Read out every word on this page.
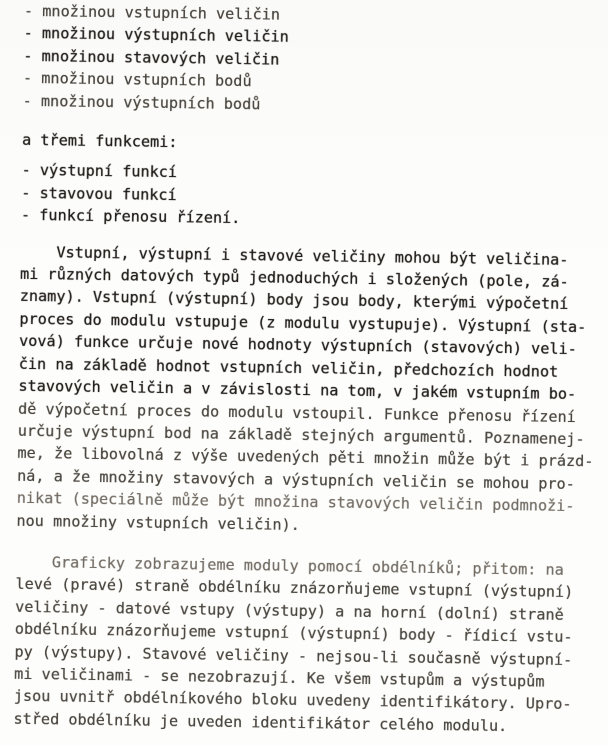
- množinou vstupních veličin
- množinou výstupních veličin
- množinou stavových veličin
- množinou vstupních bodů
- množinou výstupních bodů
a třemi funkcemi:
- výstupní funkcí
- stavovou funkcí
- funkcí přenosu řízení.
Vstupní, výstupní i stavové veličiny mohou být veličina-
mi různých datových typů jednoduchých i složených (pole, zá-
znamy). Vstupní (výstupní) body jsou body, kterými výpočetní
proces do modulu vstupuje (z modulu vystupuje). Výstupní (sta-
vová) funkce určuje nové hodnoty výstupních (stavových) veli-
čin na základě hodnot vstupních veličin, předchozích hodnot
stavových veličin a v závislosti na tom, v jakém vstupním bo-
dě výpočetní proces do modulu vstoupil. Funkce přenosu řízení
určuje výstupní bod na základě stejných argumentů. Poznamenej-
me, že libovolná z výše uvedených pěti množin může být i prázd-
ná, a že množiny stavových a výstupních veličin se mohou pro-
nikat (speciálně může být množina stavových veličin podmnoži-
nou množiny vstupních veličin).
Graficky zobrazujeme moduly pomocí obdélníků; přitom: na
levé (pravé) straně obdélníku znázorňujeme vstupní (výstupní)
veličiny - datové vstupy (výstupy) a na horní (dolní) straně
obdélníku znázorňujeme vstupní (výstupní) body - řídicí vstu-
py (výstupy). Stavové veličiny - nejsou-li současně výstupní-
mi veličinami - se nezobrazují. Ke všem vstupům a výstupům
jsou uvnitř obdélníkového bloku uvedeny identifikátory. Upro-
střed obdélníku je uveden identifikátor celého modulu.
